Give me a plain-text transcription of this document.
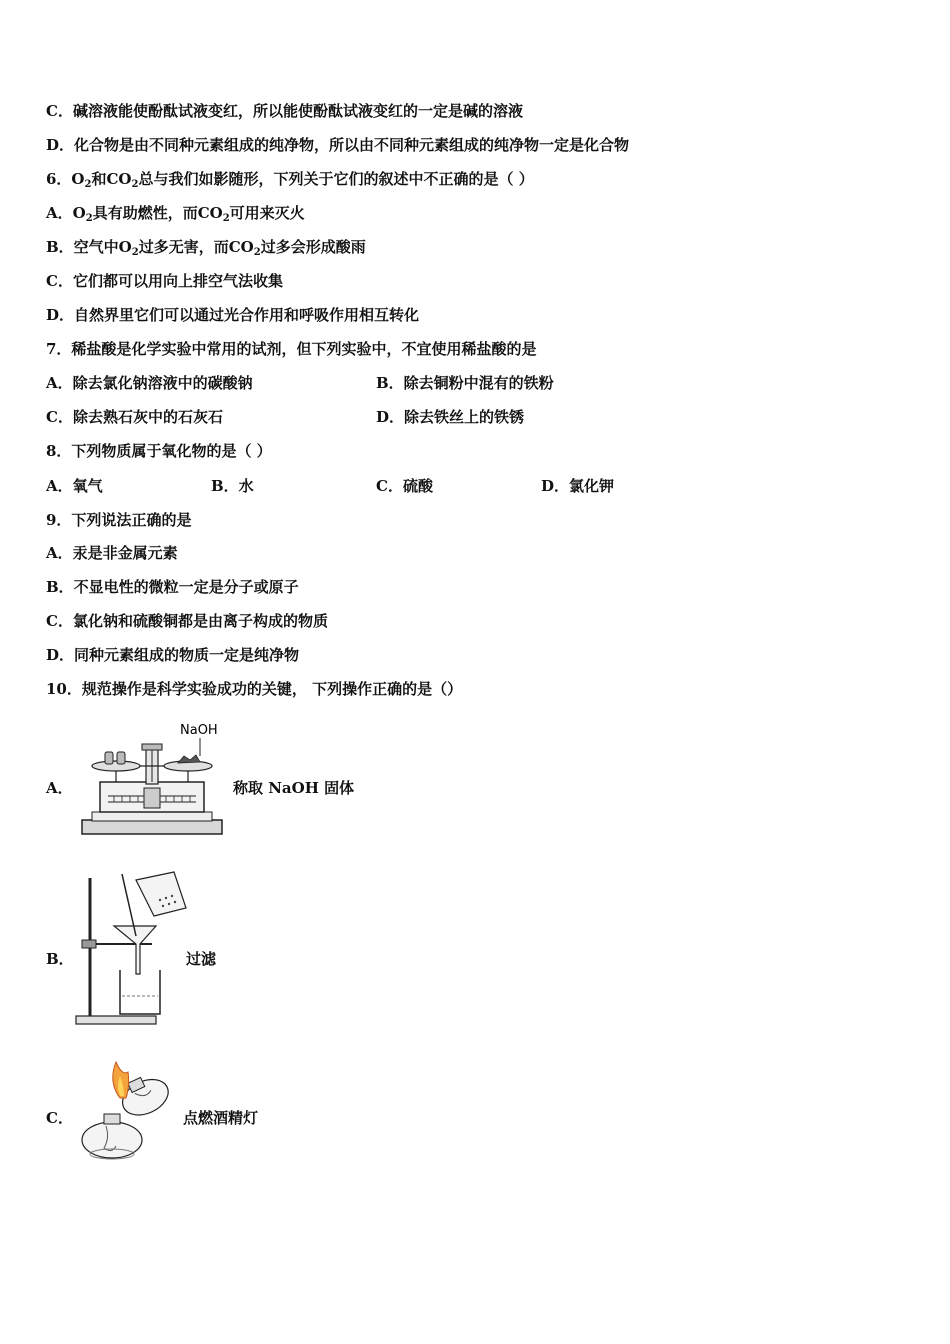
C．碱溶液能使酚酞试液变红，所以能使酚酞试液变红的一定是碱的溶液
D．化合物是由不同种元素组成的纯净物，所以由不同种元素组成的纯净物一定是化合物
6．$O_2$和$CO_2$总与我们如影随形，下列关于它们的叙述中不正确的是（ ）
A．$O_2$具有助燃性，而$CO_2$可用来灭火
B．空气中$O_2$过多无害，而$CO_2$过多会形成酸雨
C．它们都可以用向上排空气法收集
D．自然界里它们可以通过光合作用和呼吸作用相互转化
7．稀盐酸是化学实验中常用的试剂，但下列实验中，不宜使用稀盐酸的是
A．除去氯化钠溶液中的碳酸钠	B．除去铜粉中混有的铁粉
C．除去熟石灰中的石灰石	D．除去铁丝上的铁锈
8．下列物质属于氧化物的是（ ）
A．氧气	B．水	C．硫酸	D．氯化钾
9．下列说法正确的是
A．汞是非金属元素
B．不显电性的微粒一定是分子或原子
C．氯化钠和硫酸铜都是由离子构成的物质
D．同种元素组成的物质一定是纯净物
10．规范操作是科学实验成功的关键， 下列操作正确的是（）
A．
NaOH
称取 NaOH 固体
B．	过滤
C．	点燃酒精灯
